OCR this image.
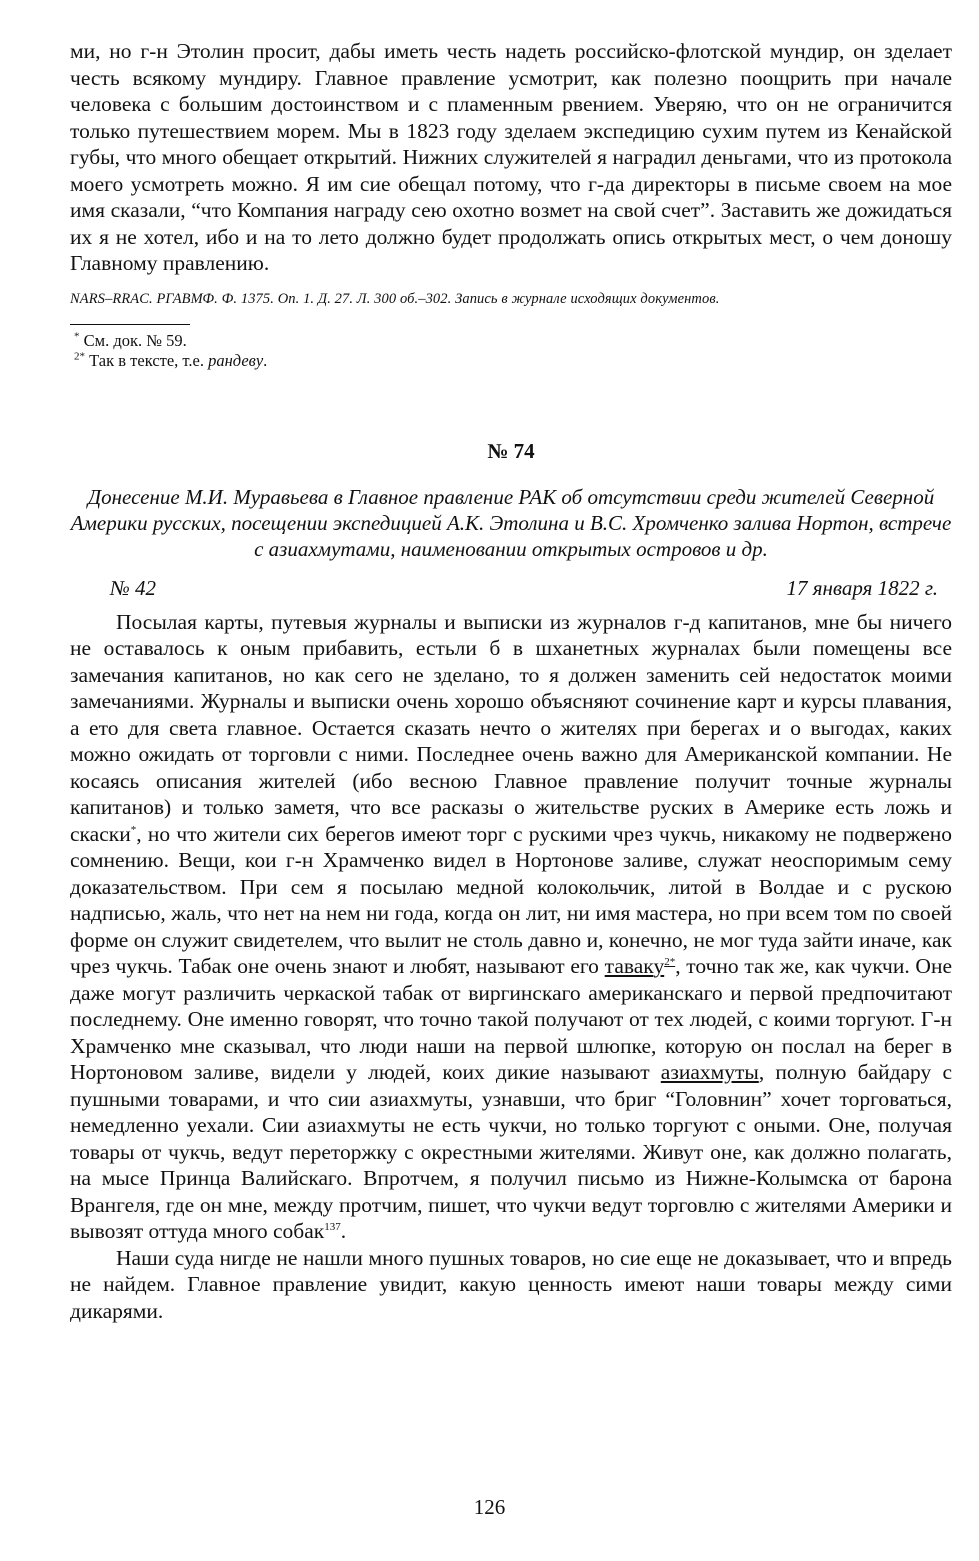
ми, но г-н Этолин просит, дабы иметь честь надеть российско-флотской мундир, он зделает честь всякому мундиру. Главное правление усмотрит, как полезно поощрить при начале человека с большим достоинством и с пламенным рвением. Уверяю, что он не ограничится только путешествием морем. Мы в 1823 году зделаем экспедицию сухим путем из Кенайской губы, что много обещает открытий. Нижних служителей я наградил деньгами, что из протокола моего усмотреть можно. Я им сие обещал потому, что г-да директоры в письме своем на мое имя сказали, “что Компания награду сею охотно возмет на свой счет”. Заставить же дожидаться их я не хотел, ибо и на то лето должно будет продолжать опись открытых мест, о чем доношу Главному правлению.

NARS–RRAC. РГАВМФ. Ф. 1375. Оп. 1. Д. 27. Л. 300 об.–302. Запись в журнале исходящих документов.

* См. док. № 59.
$^{2*}$ Так в тексте, т.е. рандеву.
№ 74

Донесение М.И. Муравьева в Главное правление РАК об отсутствии среди жителей Северной Америки русских, посещении экспедицией А.К. Этолина и В.С. Хромченко залива Нортон, встрече с азиахмутами, наименовании открытых островов и др.

№ 42	17 января 1822 г.

Посылая карты, путевыя журналы и выписки из журналов г-д капитанов, мне бы ничего не оставалось к оным прибавить, естьли б в шханетных журналах были помещены все замечания капитанов, но как сего не зделано, то я должен заменить сей недостаток моими замечаниями. Журналы и выписки очень хорошо объясняют сочинение карт и курсы плавания, а ето для света главное. Остается сказать нечто о жителях при берегах и о выгодах, каких можно ожидать от торговли с ними. Последнее очень важно для Американской компании. Не косаясь описания жителей (ибо весною Главное правление получит точные журналы капитанов) и только заметя, что все расказы о жительстве руских в Америке есть ложь и скаски*, но что жители сих берегов имеют торг с рускими чрез чукчь, никакому не подвержено сомнению. Вещи, кои г-н Храмченко видел в Нортонове заливе, служат неоспоримым сему доказательством. При сем я посылаю медной колокольчик, литой в Волдае и с рускою надписью, жаль, что нет на нем ни года, когда он лит, ни имя мастера, но при всем том по своей форме он служит свидетелем, что вылит не столь давно и, конечно, не мог туда зайти иначе, как чрез чукчь. Табак оне очень знают и любят, называют его таваку$^{2*}$, точно так же, как чукчи. Оне даже могут различить черкаской табак от виргинскаго американскаго и первой предпочитают последнему. Оне именно говорят, что точно такой получают от тех людей, с коими торгуют. Г-н Храмченко мне сказывал, что люди наши на первой шлюпке, которую он послал на берег в Нортоновом заливе, видели у людей, коих дикие называют азиахмуты, полную байдару с пушными товарами, и что сии азиахмуты, узнавши, что бриг “Головнин” хочет торговаться, немедленно уехали. Сии азиахмуты не есть чукчи, но только торгуют с оными. Оне, получая товары от чукчь, ведут переторжку с окрестными жителями. Живут оне, как должно полагать, на мысе Принца Валийскаго. Впротчем, я получил письмо из Нижне-Колымска от барона Врангеля, где он мне, между протчим, пишет, что чукчи ведут торговлю с жителями Америки и вывозят оттуда много собак$^{137}$.

Наши суда нигде не нашли много пушных товаров, но сие еще не доказывает, что и впредь не найдем. Главное правление увидит, какую ценность имеют наши товары между сими дикарями.

126
